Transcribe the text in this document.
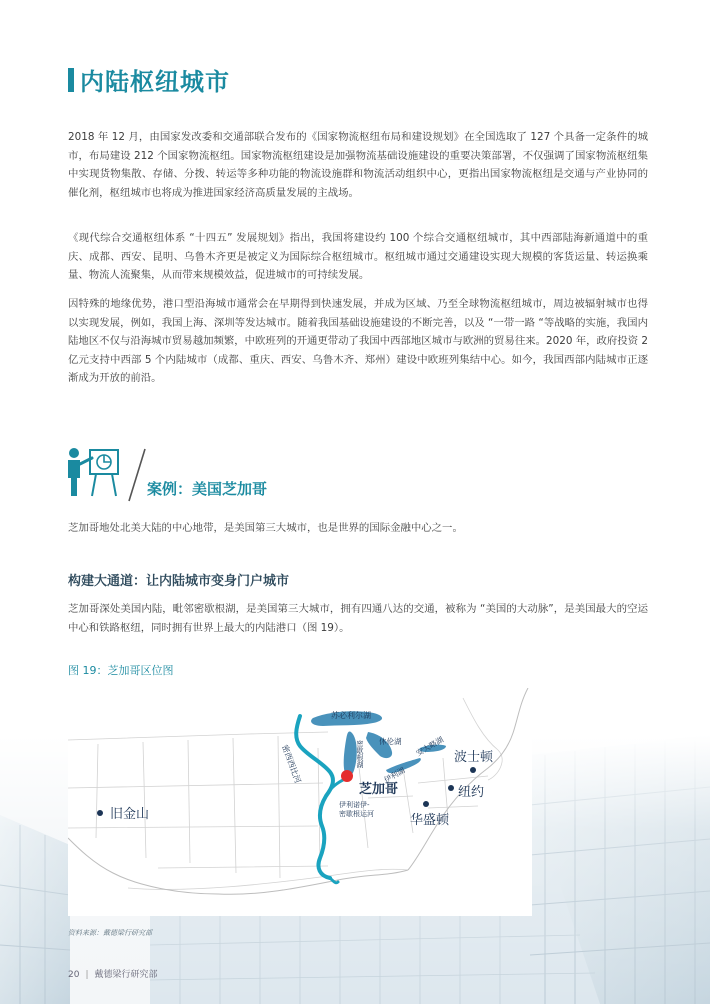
内陆枢纽城市

2018 年 12 月，由国家发改委和交通部联合发布的《国家物流枢纽布局和建设规划》在全国选取了 127 个具备一定条件的城市，布局建设 212 个国家物流枢纽。国家物流枢纽建设是加强物流基础设施建设的重要决策部署，不仅强调了国家物流枢纽集中实现货物集散、存储、分拨、转运等多种功能的物流设施群和物流活动组织中心，更指出国家物流枢纽是交通与产业协同的催化剂，枢纽城市也将成为推进国家经济高质量发展的主战场。

《现代综合交通枢纽体系 “十四五” 发展规划》指出，我国将建设约 100 个综合交通枢纽城市，其中西部陆海新通道中的重庆、成都、西安、昆明、乌鲁木齐更是被定义为国际综合枢纽城市。枢纽城市通过交通建设实现大规模的客货运量、转运换乘量、物流人流聚集，从而带来规模效益，促进城市的可持续发展。

因特殊的地缘优势，港口型沿海城市通常会在早期得到快速发展，并成为区域、乃至全球物流枢纽城市，周边被辐射城市也得以实现发展，例如，我国上海、深圳等发达城市。随着我国基础设施建设的不断完善，以及 “一带一路 “等战略的实施，我国内陆地区不仅与沿海城市贸易越加频繁，中欧班列的开通更带动了我国中西部地区城市与欧洲的贸易往来。2020 年，政府投资 2 亿元支持中西部 5 个内陆城市（成都、重庆、西安、乌鲁木齐、郑州）建设中欧班列集结中心。如今，我国西部内陆城市正逐渐成为开放的前沿。

案例：美国芝加哥

芝加哥地处北美大陆的中心地带，是美国第三大城市，也是世界的国际金融中心之一。

构建大通道：让内陆城市变身门户城市

芝加哥深处美国内陆，毗邻密歇根湖，是美国第三大城市，拥有四通八达的交通，被称为 “美国的大动脉”，是美国最大的空运中心和铁路枢纽，同时拥有世界上最大的内陆港口（图 19）。

图 19：芝加哥区位图

密西西比河
苏必利尔湖
密歇根湖 休伦湖
伊利湖
安大略湖
芝加哥
伊利诺伊-
密歇根运河
旧金山
波士顿
纽约
华盛顿

资料来源：戴德梁行研究部

20 | 戴德梁行研究部
